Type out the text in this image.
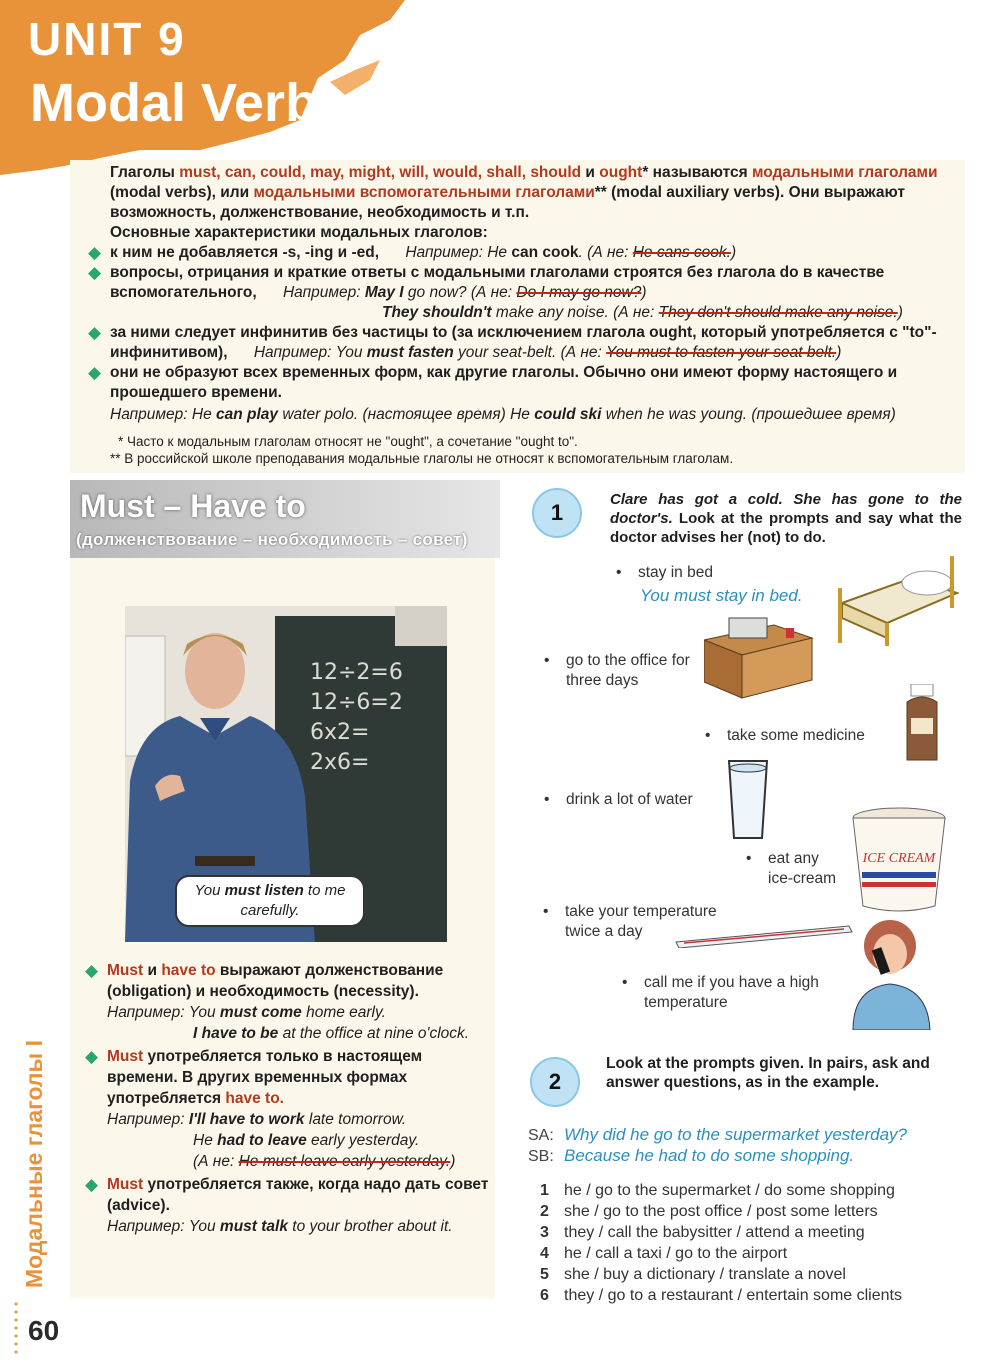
UNIT 9
Modal Verbs I

Глаголы must, can, could, may, might, will, would, shall, should и ought* называются модальными глаголами (modal verbs), или модальными вспомогательными глаголами** (modal auxiliary verbs). Они выражают возможность, долженствование, необходимость и т.п.

Основные характеристики модальных глаголов:

◆ к ним не добавляется -s, -ing и -ed, Например: He can cook. (А не: He cans cook.)

◆ вопросы, отрицания и краткие ответы с модальными глаголами строятся без глагола do в качестве вспомогательного, Например: May I go now? (А не: Do I may go now?)

They shouldn't make any noise. (А не: They don't should make any noise.)

◆ за ними следует инфинитив без частицы to (за исключением глагола ought, который употребляется с "to"-инфинитивом), Например: You must fasten your seat-belt. (А не: You must to fasten your seat belt.)

◆ они не образуют всех временных форм, как другие глаголы. Обычно они имеют форму настоящего и прошедшего времени.

Например: He can play water polo. (настоящее время) He could ski when he was young. (прошедшее время)

* Часто к модальным глаголам относят не "ought", а сочетание "ought to".

** В российской школе преподавания модальные глаголы не относят к вспомогательным глаголам.

Must – Have to
(долженствование – необходимость – совет)
12÷2=6
12÷6=2
6x2=
2x6=
You must listen to me carefully.

◆ Must и have to выражают долженствование (obligation) и необходимость (necessity).

Например: You must come home early.

I have to be at the office at nine o'clock.

◆ Must употребляется только в настоящем времени. В других временных формах употребляется have to.

Например: I'll have to work late tomorrow.

He had to leave early yesterday.

(А не: He must leave early yesterday.)

◆ Must употребляется также, когда надо дать совет (advice).

Например: You must talk to your brother about it.

1
Clare has got a cold. She has gone to the doctor's. Look at the prompts and say what the doctor advises her (not) to do.
• stay in bed
You must stay in bed.
• go to the office for three days
• take some medicine
• drink a lot of water
• eat any ice-cream
• take your temperature twice a day
• call me if you have a high temperature
ICE CREAM
2
Look at the prompts given. In pairs, ask and answer questions, as in the example.
SA: Why did he go to the supermarket yesterday?
SB: Because he had to do some shopping.
1 he / go to the supermarket / do some shopping
2 she / go to the post office / post some letters
3 they / call the babysitter / attend a meeting
4 he / call a taxi / go to the airport
5 she / buy a dictionary / translate a novel
6 they / go to a restaurant / entertain some clients
Модальные глаголы I
60
